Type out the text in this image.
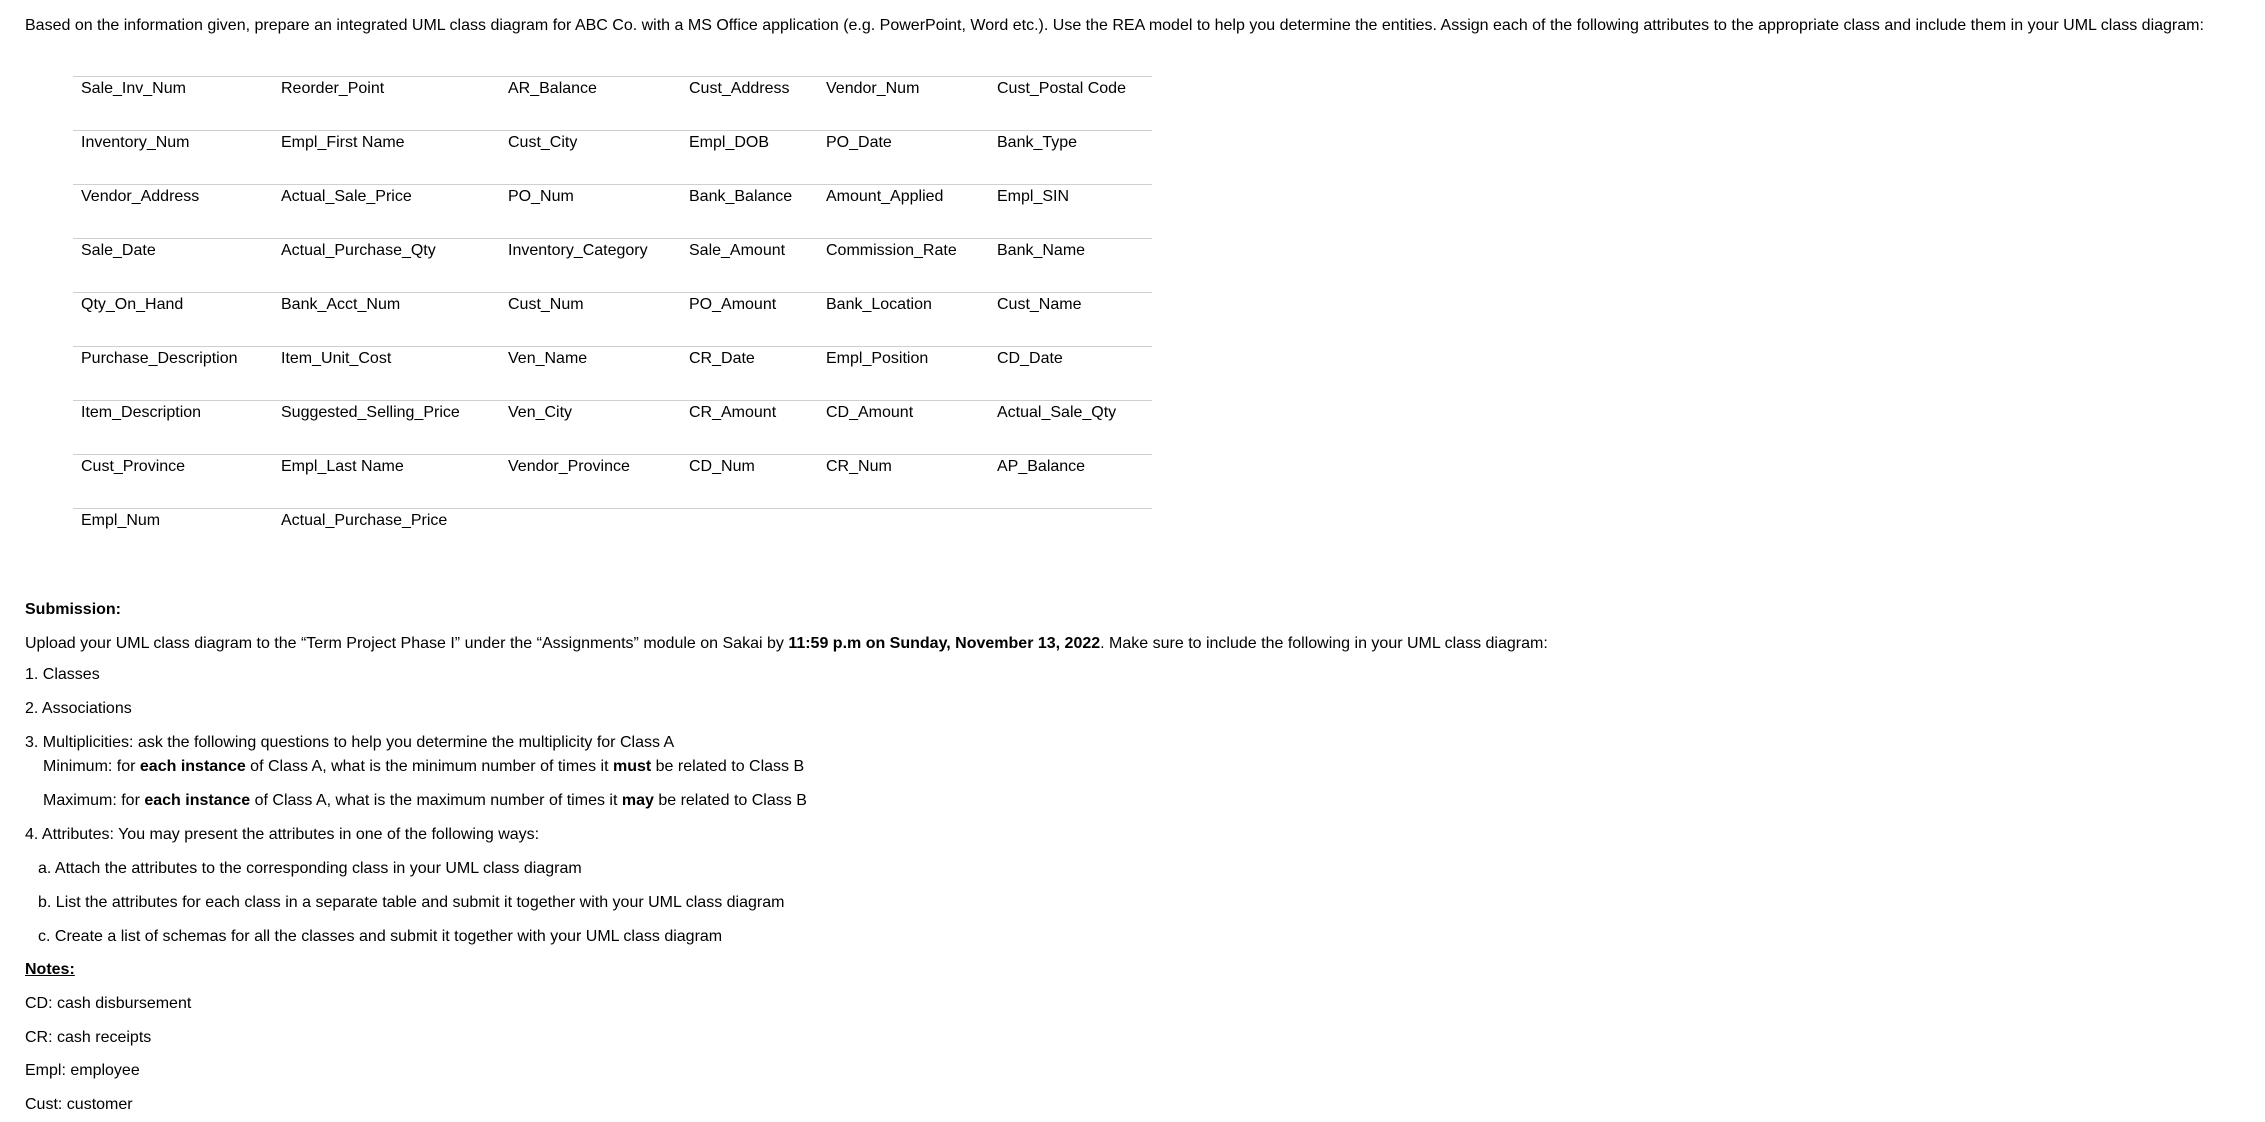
Based on the information given, prepare an integrated UML class diagram for ABC Co. with a MS Office application (e.g. PowerPoint, Word etc.). Use the REA model to help you determine the entities. Assign each of the following attributes to the appropriate class and include them in your UML class diagram:
Sale_Inv_Num	Reorder_Point	AR_Balance	Cust_Address	Vendor_Num	Cust_Postal Code
Inventory_Num	Empl_First Name	Cust_City	Empl_DOB	PO_Date	Bank_Type
Vendor_Address	Actual_Sale_Price	PO_Num	Bank_Balance	Amount_Applied	Empl_SIN
Sale_Date	Actual_Purchase_Qty	Inventory_Category	Sale_Amount	Commission_Rate	Bank_Name
Qty_On_Hand	Bank_Acct_Num	Cust_Num	PO_Amount	Bank_Location	Cust_Name
Purchase_Description	Item_Unit_Cost	Ven_Name	CR_Date	Empl_Position	CD_Date
Item_Description	Suggested_Selling_Price	Ven_City	CR_Amount	CD_Amount	Actual_Sale_Qty
Cust_Province	Empl_Last Name	Vendor_Province	CD_Num	CR_Num	AP_Balance
Empl_Num	Actual_Purchase_Price				
Submission:
Upload your UML class diagram to the “Term Project Phase I” under the “Assignments” module on Sakai by 11:59 p.m on Sunday, November 13, 2022. Make sure to include the following in your UML class diagram:
1. Classes
2. Associations
3. Multiplicities: ask the following questions to help you determine the multiplicity for Class A
Minimum: for each instance of Class A, what is the minimum number of times it must be related to Class B
Maximum: for each instance of Class A, what is the maximum number of times it may be related to Class B
4. Attributes: You may present the attributes in one of the following ways:
a. Attach the attributes to the corresponding class in your UML class diagram
b. List the attributes for each class in a separate table and submit it together with your UML class diagram
c. Create a list of schemas for all the classes and submit it together with your UML class diagram
Notes:
CD: cash disbursement
CR: cash receipts
Empl: employee
Cust: customer
